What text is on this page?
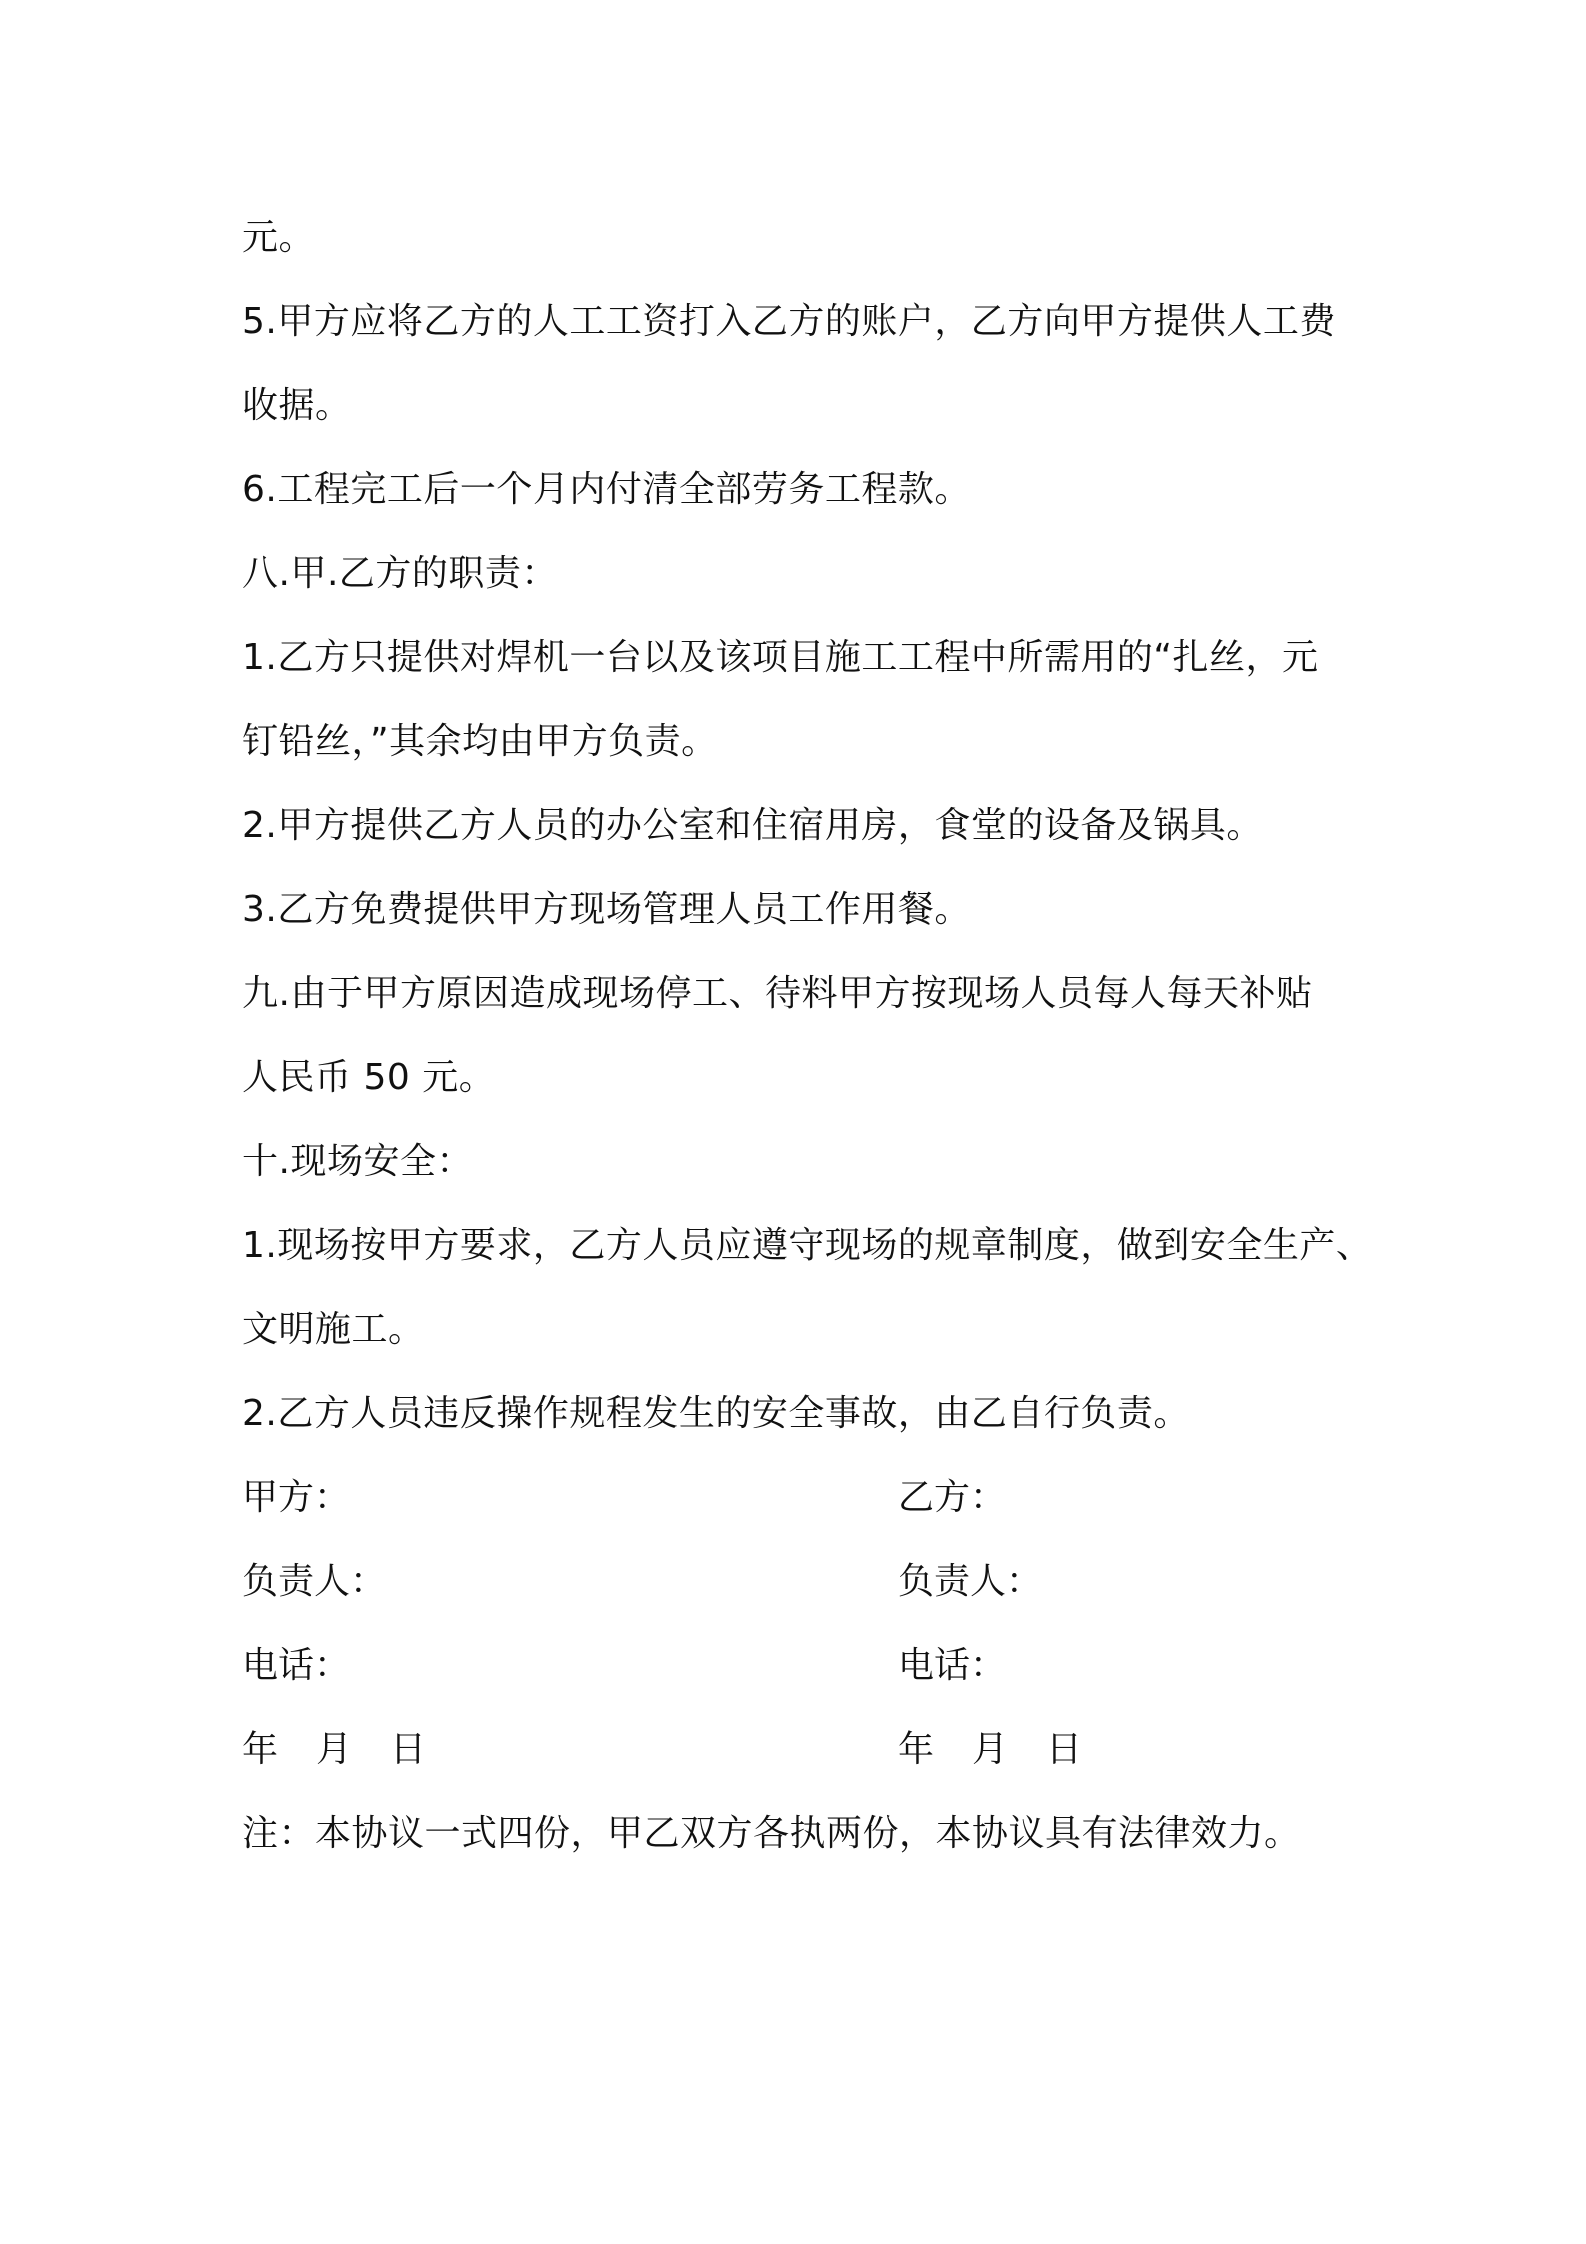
元。
5.甲方应将乙方的人工工资打入乙方的账户，乙方向甲方提供人工费
收据。
6.工程完工后一个月内付清全部劳务工程款。
八.甲.乙方的职责：
1.乙方只提供对焊机一台以及该项目施工工程中所需用的“扎丝，元
钉铅丝，”其余均由甲方负责。
2.甲方提供乙方人员的办公室和住宿用房，食堂的设备及锅具。
3.乙方免费提供甲方现场管理人员工作用餐。
九.由于甲方原因造成现场停工、待料甲方按现场人员每人每天补贴
人民币 50 元。
十.现场安全：
1.现场按甲方要求，乙方人员应遵守现场的规章制度，做到安全生产、
文明施工。
2.乙方人员违反操作规程发生的安全事故，由乙自行负责。
甲方：	乙方：
负责人：	负责人：
电话：	电话：
年 月 日	年 月 日
注：本协议一式四份，甲乙双方各执两份，本协议具有法律效力。
